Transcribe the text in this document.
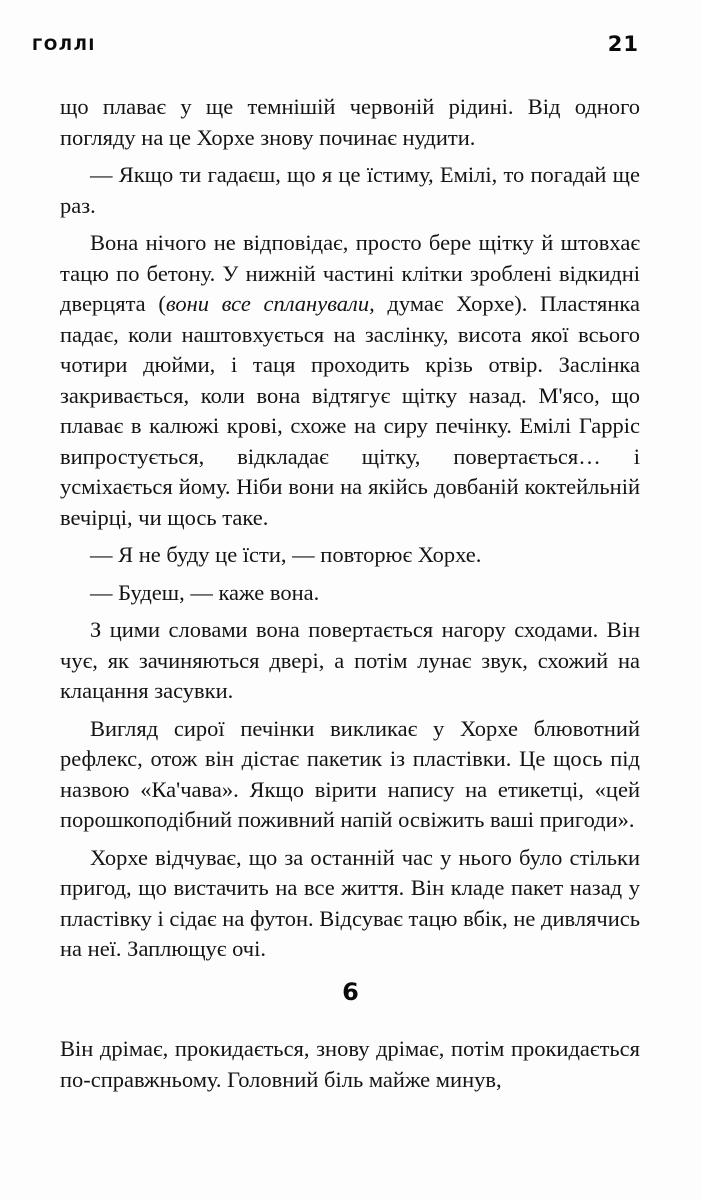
ГОЛЛІ	21

що плаває у ще темнішій червоній рідині. Від одного погляду на це Хорхе знову починає нудити.

— Якщо ти гадаєш, що я це їстиму, Емілі, то погадай ще раз.

Вона нічого не відповідає, просто бере щітку й штовхає тацю по бетону. У нижній частині клітки зроблені відкидні дверцята (вони все спланували, думає Хорхе). Пластянка падає, коли наштовхується на заслінку, висота якої всього чотири дюйми, і таця проходить крізь отвір. Заслінка закривається, коли вона відтягує щітку назад. М'ясо, що плаває в калюжі крові, схоже на сиру печінку. Емілі Гарріс випростується, відкладає щітку, повертається… і усміхається йому. Ніби вони на якійсь довбаній коктейльній вечірці, чи щось таке.

— Я не буду це їсти, — повторює Хорхе.

— Будеш, — каже вона.

З цими словами вона повертається нагору сходами. Він чує, як зачиняються двері, а потім лунає звук, схожий на клацання засувки.

Вигляд сирої печінки викликає у Хорхе блювотний рефлекс, отож він дістає пакетик із пластівки. Це щось під назвою «Ка'чава». Якщо вірити напису на етикетці, «цей порошкоподібний поживний напій освіжить ваші пригоди».

Хорхе відчуває, що за останній час у нього було стільки пригод, що вистачить на все життя. Він кладе пакет назад у пластівку і сідає на футон. Відсуває тацю вбік, не дивлячись на неї. Заплющує очі.

6

Він дрімає, прокидається, знову дрімає, потім прокидається по-справжньому. Головний біль майже минув,
